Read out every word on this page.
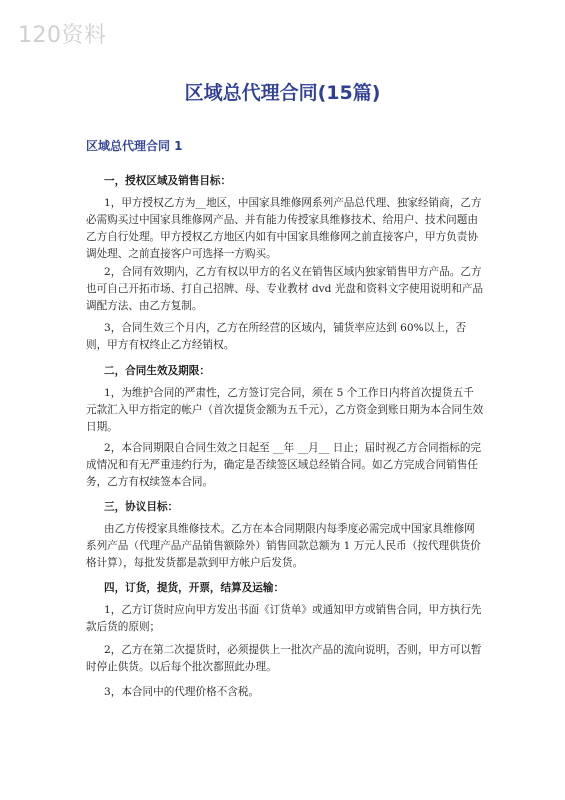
120资料
区域总代理合同(15篇)
区域总代理合同 1
一，授权区域及销售目标：

1，甲方授权乙方为__地区，中国家具维修网系列产品总代理、独家经销商，乙方必需购买过中国家具维修网产品、并有能力传授家具维修技术、给用户、技术问题由乙方自行处理。甲方授权乙方地区内如有中国家具维修网之前直接客户，甲方负责协调处理、之前直接客户可选择一方购买。

2，合同有效期内，乙方有权以甲方的名义在销售区域内独家销售甲方产品。乙方也可自己开拓市场、打自己招牌、母、专业教材 dvd 光盘和资料文字使用说明和产品调配方法、由乙方复制。

3，合同生效三个月内，乙方在所经营的区域内，铺货率应达到 60%以上，否则，甲方有权终止乙方经销权。

二，合同生效及期限：

1，为维护合同的严肃性，乙方签订完合同，须在 5 个工作日内将首次提货五千元款汇入甲方指定的帐户（首次提货金额为五千元），乙方资金到账日期为本合同生效日期。

2，本合同期限自合同生效之日起至 __年 __月__ 日止；届时视乙方合同指标的完成情况和有无严重违约行为，确定是否续签区域总经销合同。如乙方完成合同销售任务，乙方有权续签本合同。

三，协议目标：

由乙方传授家具维修技术。乙方在本合同期限内每季度必需完成中国家具维修网系列产品（代理产品产品销售额除外）销售回款总额为 1 万元人民币（按代理供货价格计算），每批发货都是款到甲方帐户后发货。

四，订货，提货，开票，结算及运输：

1，乙方订货时应向甲方发出书面《订货单》或通知甲方或销售合同，甲方执行先款后货的原则；

2，乙方在第二次提货时，必须提供上一批次产品的流向说明，否则，甲方可以暂时停止供货。以后每个批次都照此办理。

3，本合同中的代理价格不含税。
